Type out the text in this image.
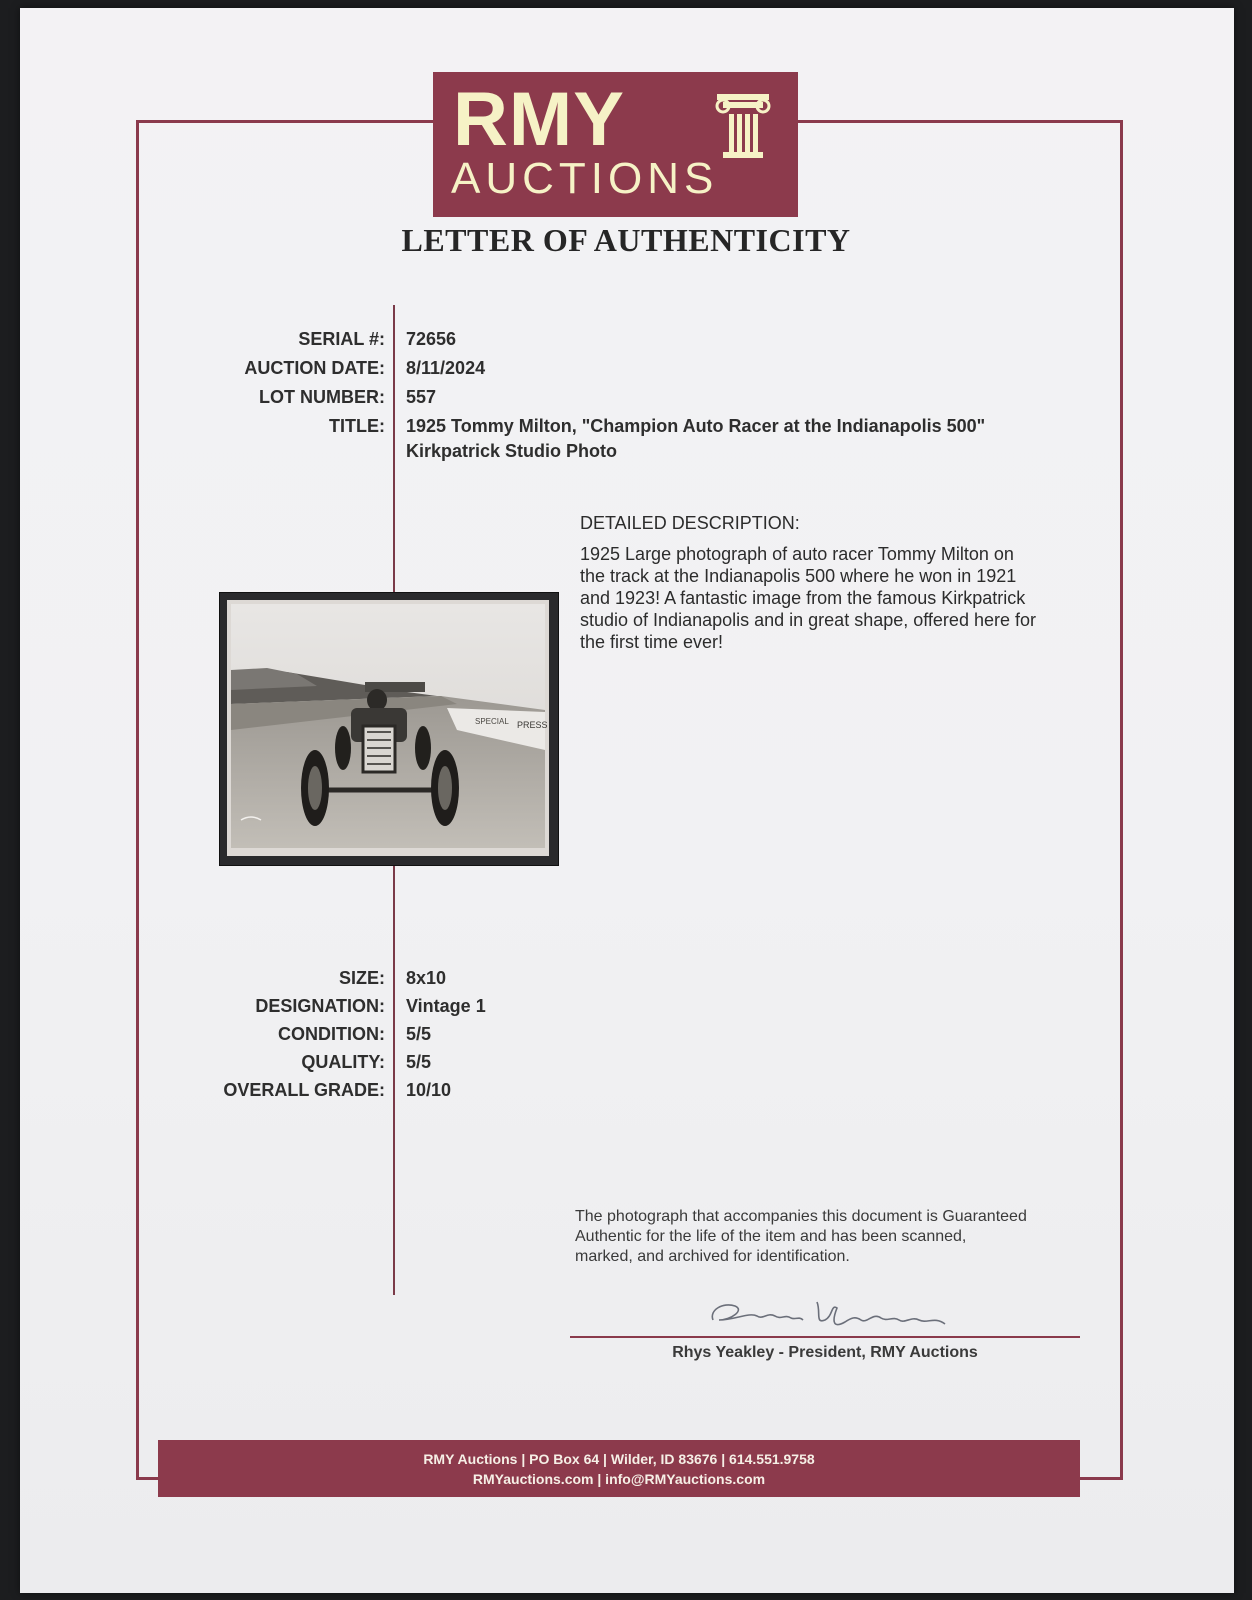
RMY
AUCTIONS
LETTER OF AUTHENTICITY
SERIAL #: 72656
AUCTION DATE: 8/11/2024
LOT NUMBER: 557
TITLE: 1925 Tommy Milton, "Champion Auto Racer at the Indianapolis 500"
Kirkpatrick Studio Photo
DETAILED DESCRIPTION:
1925 Large photograph of auto racer Tommy Milton on
the track at the Indianapolis 500 where he won in 1921
and 1923! A fantastic image from the famous Kirkpatrick
studio of Indianapolis and in great shape, offered here for
the first time ever!
SPECIAL PRESS
SIZE: 8x10
DESIGNATION: Vintage 1
CONDITION: 5/5
QUALITY: 5/5
OVERALL GRADE: 10/10
The photograph that accompanies this document is Guaranteed
Authentic for the life of the item and has been scanned,
marked, and archived for identification.
Rhys Yeakley - President, RMY Auctions
RMY Auctions | PO Box 64 | Wilder, ID 83676 | 614.551.9758
RMYauctions.com | info@RMYauctions.com
